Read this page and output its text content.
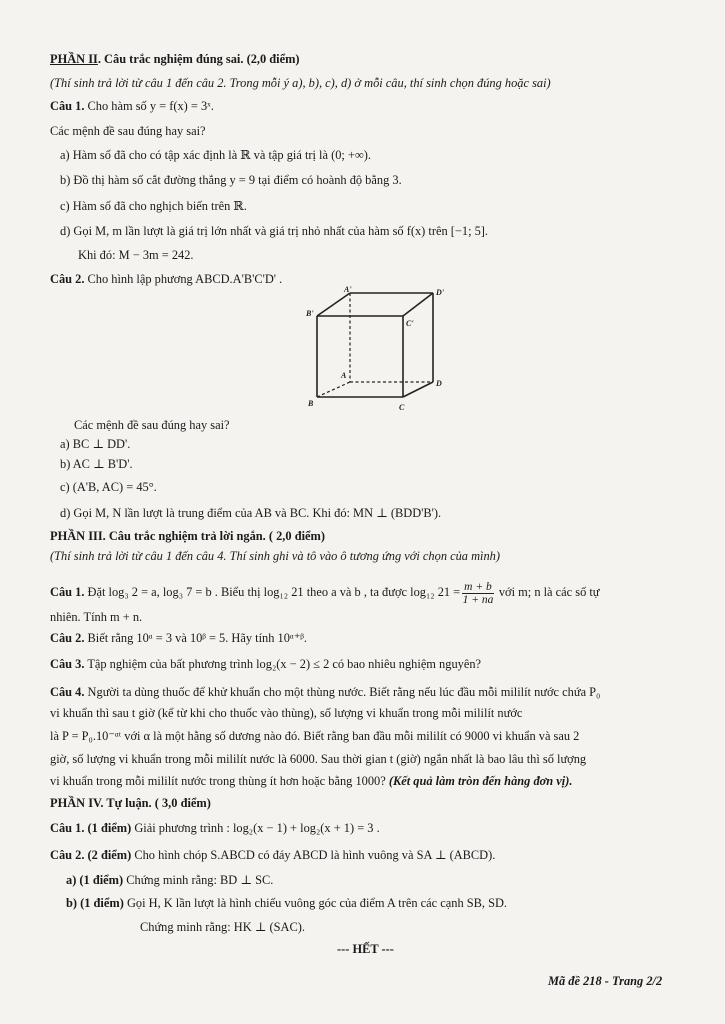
PHẦN II. Câu trắc nghiệm đúng sai. (2,0 điểm)
(Thí sinh trả lời từ câu 1 đến câu 2. Trong mỗi ý a), b), c), d) ở mỗi câu, thí sinh chọn đúng hoặc sai)
Câu 1. Cho hàm số y = f(x) = 3ˣ.
Các mệnh đề sau đúng hay sai?
a) Hàm số đã cho có tập xác định là ℝ và tập giá trị là (0; +∞).
b) Đồ thị hàm số cắt đường thẳng y = 9 tại điểm có hoành độ bằng 3.
c) Hàm số đã cho nghịch biến trên ℝ.
d) Gọi M, m lần lượt là giá trị lớn nhất và giá trị nhỏ nhất của hàm số f(x) trên [−1; 5].
Khi đó: M − 3m = 242.
Câu 2. Cho hình lập phương ABCD.A'B'C'D' .
A'	D'
B'
C'
A
D
B	C
Các mệnh đề sau đúng hay sai?
a) BC ⊥ DD'.
b) AC ⊥ B'D'.
c) (A'B, AC) = 45°.
d) Gọi M, N lần lượt là trung điểm của AB và BC. Khi đó: MN ⊥ (BDD'B').
PHẦN III. Câu trắc nghiệm trả lời ngắn. ( 2,0 điểm)
(Thí sinh trả lời từ câu 1 đến câu 4. Thí sinh ghi và tô vào ô tương ứng với chọn của mình)
Câu 1. Đặt log₃ 2 = a, log₃ 7 = b . Biểu thị log₁₂ 21 theo a và b , ta được log₁₂ $21 = \frac{m + b}{1 + na}$ với m; n là các số tự
nhiên. Tính m + n.
Câu 2. Biết rằng 10ᵅ = 3 và 10ᵝ = 5. Hãy tính 10ᵅ⁺ᵝ.
Câu 3. Tập nghiệm của bất phương trình log₂(x − 2) ≤ 2 có bao nhiêu nghiệm nguyên?
Câu 4. Người ta dùng thuốc để khử khuẩn cho một thùng nước. Biết rằng nếu lúc đầu mỗi mililít nước chứa P₀
vi khuẩn thì sau t giờ (kể từ khi cho thuốc vào thùng), số lượng vi khuẩn trong mỗi mililít nước
là P = P₀.10⁻ᵅᵗ với α là một hằng số dương nào đó. Biết rằng ban đầu mỗi mililít có 9000 vi khuẩn và sau 2
giờ, số lượng vi khuẩn trong mỗi mililít nước là 6000. Sau thời gian t (giờ) ngắn nhất là bao lâu thì số lượng
vi khuẩn trong mỗi mililít nước trong thùng ít hơn hoặc bằng 1000? (Kết quả làm tròn đến hàng đơn vị).
PHẦN IV. Tự luận. ( 3,0 điểm)
Câu 1. (1 điểm) Giải phương trình : log₂(x − 1) + log₂(x + 1) = 3 .
Câu 2. (2 điểm) Cho hình chóp S.ABCD có đáy ABCD là hình vuông và SA ⊥ (ABCD).
a) (1 điểm) Chứng minh rằng: BD ⊥ SC.
b) (1 điểm) Gọi H, K lần lượt là hình chiếu vuông góc của điểm A trên các cạnh SB, SD.
Chứng minh rằng: HK ⊥ (SAC).
--- HẾT ---
Mã đề 218 - Trang 2/2
